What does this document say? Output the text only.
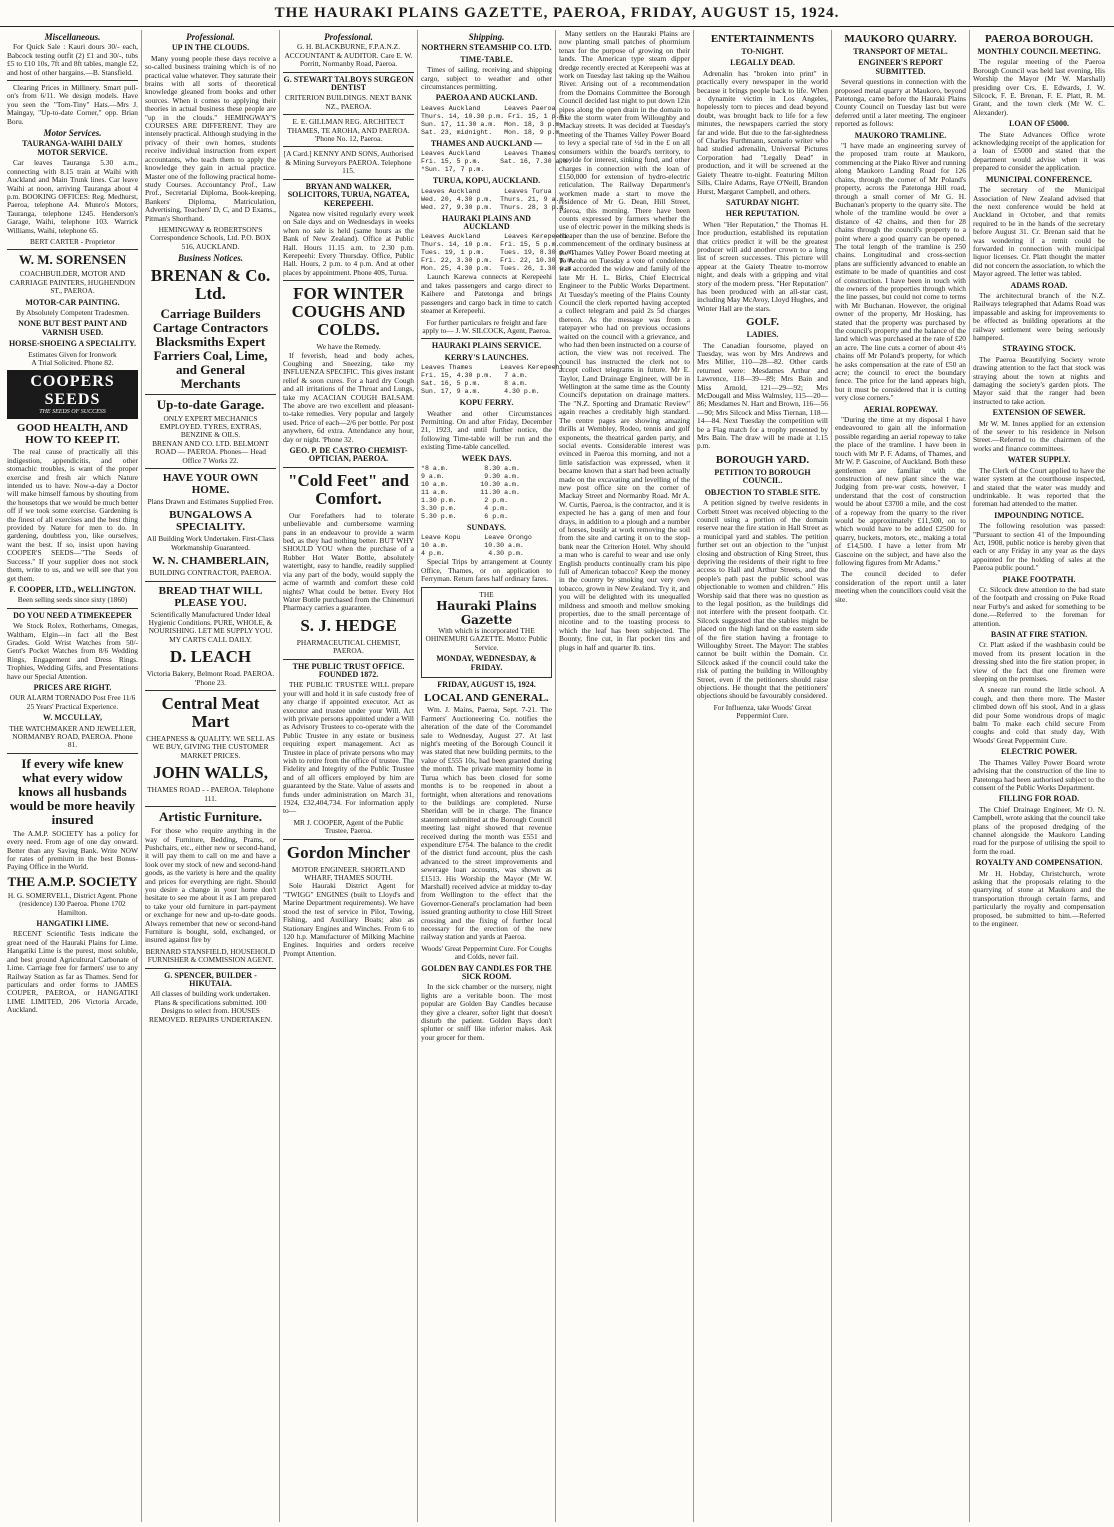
THE HAURAKI PLAINS GAZETTE, PAEROA, FRIDAY, AUGUST 15, 1924.
Miscellaneous.

For Quick Sale : Kauri dours 30/- each, Babcock testing outfit (2) £1 and 30/-, tubs £5 to £10 10s, 7ft and 8ft tables, mangle £2, and host of other bargains.—B. Stansfield.

Clearing Prices in Millinery. Smart pull-on's from 6/11. We design models. Have you seen the "Tom-Tiny" Hats.—Mrs J. Maingay, "Up-to-date Corner," opp. Brian Boru.

Motor Services.
TAURANGA-WAIHI DAILY MOTOR SERVICE.

Car leaves Tauranga 5.30 a.m., connecting with 8.15 train at Waihi with Auckland and Main Trunk lines. Car leave Waihi at noon, arriving Tauranga about 4 p.m. BOOKING OFFICES: Reg. Medhurst, Paeroa, telephone A4. Munro's Motors, Tauranga, telephone 1245. Henderson's Garage, Waihi, telephone 103. Warrick Williams, Waihi, telephone 65.

BERT CARTER - Proprietor
W. M. SORENSEN
COACHBUILDER, MOTOR AND CARRIAGE PAINTERS, HUGHENDON ST., PAEROA.
MOTOR-CAR PAINTING.
By Absolutely Competent Tradesmen.
NONE BUT BEST PAINT AND VARNISH USED.
HORSE-SHOEING A SPECIALITY.
Estimates Given for Ironwork
A Trial Solicited. Phone 82.
COOPERS SEEDS
THE SEEDS OF SUCCESS
GOOD HEALTH, AND HOW TO KEEP IT.

The real cause of practically all this indigestion, appendicitis, and other stomachic troubles, is want of the proper exercise and fresh air which Nature intended us to have. Now-a-day a Doctor will make himself famous by shouting from the housetops that we would be much better off if we took some exercise. Gardening is the finest of all exercises and the best thing provided by Nature for men to do. In gardening, doubtless you, like ourselves, want the best. If so, insist upon having COOPER'S SEEDS—"The Seeds of Success." If your supplier does not stock them, write to us, and we will see that you get them.

F. COOPER, LTD., WELLINGTON.
Been selling seeds since sixty (1860)
DO YOU NEED A TIMEKEEPER

We Stock Rolex, Rotherhams, Omegas, Waltham, Elgin—in fact all the Best Grades. Gold Wrist Watches from 50/- Gent's Pocket Watches from 8/6 Wedding Rings, Engagement and Dress Rings. Trophies, Wedding Gifts, and Presentations have our Special Attention.

PRICES ARE RIGHT.
OUR ALARM TORNADO Post Free 11/6
25 Years' Practical Experience.
W. MCCULLAY,
THE WATCHMAKER AND JEWELLER, NORMANBY ROAD, PAEROA. Phone 81.
If every wife knew what every widow knows all husbands would be more heavily insured

The A.M.P. SOCIETY has a policy for every need. From age of one day onward. Better than any Saving Bank. Write NOW for rates of premium in the best Bonus-Paying Office in the World.

THE A.M.P. SOCIETY
H. G. SOMERVELL, District Agent. Phone (residence) 130 Paeroa. Phone 1702 Hamilton.
HANGATIKI LIME.

RECENT Scientific Tests indicate the great need of the Hauraki Plains for Lime. Hangatiki Lime is the purest, most soluble, and best ground Agricultural Carbonate of Lime. Carriage free for farmers' use to any Railway Station as far as Thames. Send for particulars and order forms to JAMES COUPER, PAEROA, or HANGATIKI LIME LIMITED, 206 Victoria Arcade, Auckland.

Professional.
UP IN THE CLOUDS.

Many young people these days receive a so-called business training which is of no practical value whatever. They saturate their brains with all sorts of theoretical knowledge gleaned from books and other sources. When it comes to applying their theories in actual business these people are "up in the clouds." HEMINGWAY'S COURSES ARE DIFFERENT. They are intensely practical. Although studying in the privacy of their own homes, students receive individual instruction from expert accountants, who teach them to apply the knowledge they gain in actual practice. Master one of the following practical home-study Courses. Accountancy Prof., Law Prof., Secretarial Diploma, Book-keeping, Bankers' Diploma, Matriculation, Advertising, Teachers' D, C, and D Exams., Pitman's Shorthand.

HEMINGWAY & ROBERTSON'S Correspondence Schools, Ltd. P.O. BOX 516, AUCKLAND.
Business Notices.
BRENAN & Co. Ltd.
Carriage Builders Cartage Contractors Blacksmiths Expert Farriers Coal, Lime, and General Merchants
Up-to-date Garage.
ONLY EXPERT MECHANICS EMPLOYED. TYRES, EXTRAS, BENZINE & OILS.
BRENAN AND CO. LTD. BELMONT ROAD — PAEROA. Phones— Head Office 7 Works 22.
HAVE YOUR OWN HOME.
Plans Drawn and Estimates Supplied Free.
BUNGALOWS A SPECIALITY.
All Building Work Undertaken. First-Class Workmanship Guaranteed.
W. N. CHAMBERLAIN,
BUILDING CONTRACTOR, PAEROA.
BREAD THAT WILL PLEASE YOU.
Scientifically Manufactured Under Ideal Hygienic Conditions. PURE, WHOLE, & NOURISHING. LET ME SUPPLY YOU. MY CARTS CALL DAILY.
D. LEACH
Victoria Bakery, Belmont Road. PAEROA. 'Phone 23.
Central Meat Mart
CHEAPNESS & QUALITY. WE SELL AS WE BUY, GIVING THE CUSTOMER MARKET PRICES.
JOHN WALLS,
THAMES ROAD - - PAEROA. Telephone 111.
Artistic Furniture.

For those who require anything in the way of Furniture, Bedding, Prams, or Pushchairs, etc., either new or second-hand, it will pay them to call on me and have a look over my stock of new and second-hand goods, as the variety is here and the quality and prices for everything are right. Should you desire a change in your home don't hesitate to see me about it as I am prepared to take your old furniture in part-payment or exchange for new and up-to-date goods. Always remember that new or second-hand Furniture is bought, sold, exchanged, or insured against fire by

BERNARD STANSFIELD, HOUSEHOLD FURNISHER & COMMISSION AGENT.
G. SPENCER, BUILDER - HIKUTAIA.
All classes of building work undertaken. Plans & specifications submitted. 100 Designs to select from. HOUSES REMOVED. REPAIRS UNDERTAKEN.
Professional.
G. H. BLACKBURNE, F.P.A.N.Z. ACCOUNTANT & AUDITOR. Care E. W. Porritt, Normanby Road, Paeroa.
G. STEWART TALBOYS SURGEON DENTIST
CRITERION BUILDINGS. NEXT BANK NZ., PAEROA.
E. E. GILLMAN REG. ARCHITECT THAMES, TE AROHA, AND PAEROA. 'Phone No. 12, Paeroa.
[A Card.] KENNY AND SONS, Authorised & Mining Surveyors PAEROA. Telephone 115.
BRYAN AND WALKER, SOLICITORS, TURUA, NGATEA, KEREPEEHI.

Ngatea now visited regularly every week on Sale days and on Wednesdays in weeks when no sale is held (same hours as the Bank of New Zealand). Office at Public Hall. Hours 11.15 a.m. to 2.30 p.m. Kerepeehi: Every Thursday. Office, Public Hall. Hours, 2 p.m. to 4 p.m. And at other places by appointment. Phone 40S, Turua.

FOR WINTER COUGHS AND COLDS.
We have the Remedy.

If feverish, head and body aches, Coughing and Sneezing, take my INFLUENZA SPECIFIC. This gives instant relief & soon cures. For a hard dry Cough and all irritations of the Throat and Lungs, take my ACACIAN COUGH BALSAM. The above are two excellent and pleasant-to-take remedies. Very popular and largely used. Price of each—2/6 per bottle. Per post anywhere, 6d extra. Attendance any hour, day or night. 'Phone 32.

GEO. P. DE CASTRO CHEMIST-OPTICIAN, PAEROA.
"Cold Feet" and Comfort.

Our Forefathers had to tolerate unbelievable and cumbersome warming pans in an endeavour to provide a warm bed, as they had nothing better. BUT WHY SHOULD YOU when the purchase of a Rubber Hot Water Bottle, absolutely watertight, easy to handle, readily supplied via any part of the body, would supply the acme of warmth and comfort these cold nights? What could be better. Every Hot Water Bottle purchased from the Chinemuri Pharmacy carries a guarantee.

S. J. HEDGE
PHARMACEUTICAL CHEMIST, PAEROA.
THE PUBLIC TRUST OFFICE. FOUNDED 1872.

THE PUBLIC TRUSTEE WILL prepare your will and hold it in safe custody free of any charge if appointed executor. Act as executor and trustee under your Will. Act with private persons appointed under a Will as Advisory Trustees to co-operate with the Public Trustee in any estate or business requiring expert management. Act as Trustee in place of private persons who may wish to retire from the office of trustee. The Fidelity and Integrity of the Public Trustee and of all officers employed by him are guaranteed by the State. Value of assets and funds under administration on March 31, 1924, £32,404,734. For information apply to—

MR J. COOPER, Agent of the Public Trustee, Paeroa.
Gordon Mincher
MOTOR ENGINEER. SHORTLAND WHARF, THAMES SOUTH.

Sole Hauraki District Agent for "TWIGG" ENGINES (built to Lloyd's and Marine Department requirements). We have stood the test of service in Pilot, Towing, Fishing, and Auxiliary Boats; also as Stationary Engines and Winches. From 6 to 120 h.p. Manufacturer of Milking Machine Engines. Inquiries and orders receive Prompt Attention.

Shipping.
NORTHERN STEAMSHIP CO. LTD.
TIME-TABLE.

Times of sailing, receiving and shipping cargo, subject to weather and other circumstances permitting.

PAEROA AND AUCKLAND.
Leaves Auckland      Leaves Paeroa
Thurs. 14, 10.30 p.m. Fri. 15, 1 p.m.
Sun. 17, 11.30 a.m.  Mon. 18, 3 p.m.
Sat. 23, midnight.   Mon. 18, 9 p.m.
THAMES AND AUCKLAND —
Leaves Auckland      Leaves Thames
Fri. 15, 5 p.m.     Sat. 16, 7.30 a.m.
*Sun. 17, 7 p.m.
TURUA, KOPU, AUCKLAND.
Leaves Auckland      Leaves Turua
Wed. 20, 4.30 p.m.  Thurs. 21, 9 a.m.
Wed. 27, 9.30 p.m.  Thurs. 28, 3 p.m.
HAURAKI PLAINS AND AUCKLAND
Leaves Auckland      Leaves Kerepeehi
Thurs. 14, 10 p.m.  Fri. 15, 5 p.m.
Tues. 19, 1 p.m.    Tues. 19, 8.30 p.m.
Fri. 22, 3.30 p.m.  Fri. 22, 10.30 p.m.
Mon. 25, 4.30 p.m.  Tues. 26, 1.30 p.m.

Launch Karewa connects at Kerepeehi and takes passengers and cargo direct to Kaihere and Patetonga and brings passengers and cargo back in time to catch steamer at Kerepeehi.

For further particulars re freight and fare apply to— J. W. SILCOCK, Agent, Paeroa.
HAURAKI PLAINS SERVICE.
KERRY'S LAUNCHES.
Leaves Thames       Leaves Kerepeehi
Fri. 15, 4.30 p.m.   7 a.m.
Sat. 16, 5 p.m.      8 a.m.
Sun. 17, 9 a.m.      4.30 p.m.
KOPU FERRY.

Weather and other Circumstances Permitting. On and after Friday, December 21, 1923, and until further notice, the following Time-table will be run and the existing Time-table cancelled.

WEEK DAYS.
*8 a.m.         8.30 a.m.
9 a.m.          9.30 a.m.
10 a.m.        10.30 a.m.
11 a.m.        11.30 a.m.
1.30 p.m.       2 p.m.
3.30 p.m.       4 p.m.
5.30 p.m.       6 p.m.
SUNDAYS.
Leave Kopu      Leave Orongo
10 a.m.         10.30 a.m.
4 p.m.           4.30 p.m.

Special Trips by arrangement at County Office, Thames, or on application to Ferryman. Return fares half ordinary fares.

THE
Hauraki Plains Gazette
With which is incorporated THE OHINEMURI GAZETTE. Motto: Public Service.
MONDAY, WEDNESDAY, & FRIDAY.
FRIDAY, AUGUST 15, 1924.
LOCAL AND GENERAL.

Wm. J. Mains, Paeroa, Sept. 7-21. The Farmers' Auctioneering Co. notifies the alteration of the date of the Coromandel sale to Wednesday, August 27. At last night's meeting of the Borough Council it was stated that new building permits, to the value of £555 10s, had been granted during the month. The private maternity home in Turua which has been closed for some months is to be reopened in about a fortnight, when alterations and renovations to the buildings are completed. Nurse Sheridan will be in charge. The finance statement submitted at the Borough Council meeting last night showed that revenue received during the month was £551 and expenditure £754. The balance to the credit of the district fund account, plus the cash advanced to the street improvements and sewerage loan accounts, was shown as £1513. His Worship the Mayor (Mr W. Marshall) received advice at midday to-day from Wellington to the effect that the Governor-General's proclamation had been issued granting authority to close Hill Street crossing and the fixing of further local necessary for the erection of the new railway station and yards at Paeroa.

Woods' Great Peppermint Cure. For Coughs and Colds, never fail.
GOLDEN BAY CANDLES FOR THE SICK ROOM.

In the sick chamber or the nursery, night lights are a veritable boon. The most popular are Golden Bay Candles because they give a clearer, softer light that doesn't disturb the patient. Golden Bays don't splutter or sniff like inferior makes. Ask your grocer for them.

Many settlers on the Hauraki Plains are now planting small patches of phormium tenax for the purpose of growing on their lands. The American type steam dipper dredge recently erected at Kerepeehi was at work on Tuesday last taking up the Waihou River. Arising out of a recommendation from the Domains Committee the Borough Council decided last night to put down 12in pipes along the open drain in the domain to take the storm water from Willoughby and Mackay streets. It was decided at Tuesday's meeting of the Thames Valley Power Board to levy a special rate of ½d in the £ on all consumers within the board's territory, to provide for interest, sinking fund, and other charges in connection with the loan of £150,000 for extension of hydro-electric reticulation. The Railway Department's workmen made a start to move the residence of Mr G. Dean, Hill Street, Paeroa, this morning. There have been counts expressed by farmers whether the use of electric power in the milking sheds is cheaper than the use of benzine. Before the commencement of the ordinary business at the Thames Valley Power Board meeting at Te Aroha on Tuesday a vote of condolence was accorded the widow and family of the late Mr H. L. Birks, Chief Electrical Engineer to the Public Works Department. At Tuesday's meeting of the Plains County Council the clerk reported having accepted a collect telegram and paid 2s 5d charges thereon. As the message was from a ratepayer who had on previous occasions waited on the council with a grievance, and who had then been instructed on a course of action, the view was not received. The council has instructed the clerk not to accept collect telegrams in future. Mr E. Taylor, Land Drainage Engineer, will be in Wellington at the same time as the County Council's deputation on drainage matters. The "N.Z. Sporting and Dramatic Review" again reaches a creditably high standard. The centre pages are showing amazing thrills at Wembley, Rodeo, tennis and golf exponents, the theatrical garden party, and social events. Considerable interest was evinced in Paeroa this morning, and not a little satisfaction was expressed, when it became known that a start had been actually made on the excavating and levelling of the new post office site on the corner of Mackay Street and Normanby Road. Mr A. W. Curtis, Paeroa, is the contractor, and it is expected he has a gang of men and four drays, in addition to a plough and a number of horses, busily at work removing the soil from the site and carting it on to the stop-bank near the Criterion Hotel. Why should a man who is careful to wear and use only English products continually cram his pipe full of American tobacco? Keep the money in the country by smoking our very own tobacco, grown in New Zealand. Try it, and you will be delighted with its unequalled mildness and smooth and mellow smoking properties, due to the small percentage of nicotine and to the toasting process to which the leaf has been subjected. The Bounty, fine cut, in flat pocket tins and plugs in half and quarter lb. tins.

ENTERTAINMENTS
TO-NIGHT.
LEGALLY DEAD.

Adrenalin has "broken into print" in practically every newspaper in the world because it brings people back to life. When a dynamite victim in Los Angeles, hopelessly torn to pieces and dead beyond doubt, was brought back to life for a few minutes, the newspapers carried the story far and wide. But due to the far-sightedness of Charles Furthmann, scenario writer who had studied adrenalin, Universal Pictures Corporation had "Legally Dead" in production, and it will be screened at the Gaiety Theatre to-night. Featuring Milton Sills, Claire Adams, Raye O'Neill, Brandon Hurst, Margaret Campbell, and others.

SATURDAY NIGHT.
HER REPUTATION.

When "Her Reputation," the Thomas H. Ince production, established its reputation that critics predict it will be the greatest producer will add another crown to a long list of screen successes. This picture will appear at the Gaiety Theatre to-morrow night, and deals with a gripping and vital story of the modern press. "Her Reputation" has been produced with an all-star cast, including May McAvoy, Lloyd Hughes, and Winter Hall are the stars.

GOLF.
LADIES.

The Canadian foursome, played on Tuesday, was won by Mrs Andrews and Mrs Miller, 110—28—82. Other cards returned were: Mesdames Arthur and Lawrence, 118—39—89; Mrs Bain and Miss Arnold, 121—29—92; Mrs McDougall and Miss Walmsley, 115—20—86; Mesdames N. Hart and Brown, 116—56—90; Mrs Silcock and Miss Tiernan, 118—14—84. Next Tuesday the competition will be a Flag match for a trophy presented by Mrs Bain. The draw will be made at 1.15 p.m.

BOROUGH YARD.
PETITION TO BOROUGH COUNCIL.
OBJECTION TO STABLE SITE.

A petition signed by twelve residents in Corbett Street was received objecting to the council using a portion of the domain reserve near the fire station in Hall Street as a municipal yard and stables. The petition further set out an objection to the "unjust closing and obstruction of King Street, thus depriving the residents of their right to free access to Hall and Arthur Streets, and the people's path past the public school was objectionable to women and children." His Worship said that there was no question as to the legal position, as the buildings did not interfere with the present footpath. Cr. Silcock suggested that the stables might be placed on the high land on the eastern side of the fire station having a frontage to Willoughby Street. The Mayor: The stables cannot be built within the Domain. Cr. Silcock asked if the council could take the risk of putting the building in Willoughby Street, even if the petitioners should raise objections. He thought that the petitioners' objections should be favourably considered.

For Influenza, take Woods' Great Peppermint Cure.
MAUKORO QUARRY.
TRANSPORT OF METAL.
ENGINEER'S REPORT SUBMITTED.

Several questions in connection with the proposed metal quarry at Maukoro, beyond Patetonga, came before the Hauraki Plains County Council on Tuesday last but were deferred until a later meeting. The engineer reported as follows:

MAUKORO TRAMLINE.

"I have made an engineering survey of the proposed tram route at Maukoro, commencing at the Piako River and running along Maukoro Landing Road for 126 chains, through the corner of Mr Poland's property, across the Patetonga Hill road, through a small corner of Mr G. H. Buchanan's property to the quarry site. The whole of the tramline would be over a distance of 42 chains, and then for 28 chains through the council's property to a point where a good quarry can be opened. The total length of the tramline is 250 chains. Longitudinal and cross-section plans are sufficiently advanced to enable an estimate to be made of quantities and cost of construction. I have been in touch with the owners of the properties through which the line passes, but could not come to terms with Mr Buchanan. However, the original owner of the property, Mr Hosking, has stated that the property was purchased by the council's property and the balance of the land which was purchased at the rate of £20 an acre. The line cuts a corner of about 4½ chains off Mr Poland's property, for which he asks compensation at the rate of £50 an acre; the council to erect the boundary fence. The price for the land appears high, but it must be considered that it is cutting very close corners."

AERIAL ROPEWAY.

"During the time at my disposal I have endeavoured to gain all the information possible regarding an aerial ropeway to take the place of the tramline. I have been in touch with Mr P. F. Adams, of Thames, and Mr W. P. Gascoine, of Auckland. Both these gentlemen are familiar with the construction of new plant since the war. Judging from pre-war costs, however, I understand that the cost of construction would be about £3700 a mile, and the cost of a ropeway from the quarry to the river would be approximately £11,500, on to which would have to be added £2500 for quarry, buckets, motors, etc., making a total of £14,500. I have a letter from Mr Gascoine on the subject, and have also the following figures from Mr Adams."

The council decided to defer consideration of the report until a later meeting when the councillors could visit the site.

PAEROA BOROUGH.
MONTHLY COUNCIL MEETING.

The regular meeting of the Paeroa Borough Council was held last evening, His Worship the Mayor (Mr W. Marshall) presiding over Crs. E. Edwards, J. W. Silcock, F. E. Brenan, F. E. Platt, R. M. Grant, and the town clerk (Mr W. C. Alexander).

LOAN OF £5000.

The State Advances Office wrote acknowledging receipt of the application for a loan of £5000 and stated that the department would advise when it was prepared to consider the application.

MUNICIPAL CONFERENCE.

The secretary of the Municipal Association of New Zealand advised that the next conference would be held at Auckland in October, and that remits required to be in the hands of the secretary before August 31. Cr. Brenan said that he was wondering if a remit could be forwarded in connection with municipal liquor licenses. Cr. Platt thought the matter did not concern the association, to which the Mayor agreed. The letter was tabled.

ADAMS ROAD.

The architectural branch of the N.Z. Railways telegraphed that Adams Road was impassable and asking for improvements to be effected as building operations at the railway settlement were being seriously hampered.

STRAYING STOCK.

The Paeroa Beautifying Society wrote drawing attention to the fact that stock was straying about the town at nights and damaging the society's garden plots. The Mayor said that the ranger had been instructed to take action.

EXTENSION OF SEWER.

Mr W. M. Innes applied for an extension of the sewer to his residence in Nelson Street.—Referred to the chairmen of the works and finance committees.

WATER SUPPLY.

The Clerk of the Court applied to have the water system at the courthouse inspected, and stated that the water was muddy and undrinkable. It was reported that the foreman had attended to the matter.

IMPOUNDING NOTICE.

The following resolution was passed: "Pursuant to section 41 of the Impounding Act, 1908, public notice is hereby given that each or any Friday in any year as the days appointed for the holding of sales at the Paeroa public pound."

PIAKE FOOTPATH.

Cr. Silcock drew attention to the bad state of the footpath and crossing on Puke Road near Furby's and asked for something to be done.—Referred to the foreman for attention.

BASIN AT FIRE STATION.

Cr. Platt asked if the washbasin could be moved from its present location in the dressing shed into the fire station proper, in view of the fact that one firemen were sleeping on the premises.

A sneeze ran round the little school. A cough, and then there more. The Master climbed down off his stool, And in a glass did pour Some wondrous drops of magic balm To make each child secure From coughs and cold that study day, With Woods' Great Peppermint Cure.

ELECTRIC POWER.

The Thames Valley Power Board wrote advising that the construction of the line to Patetonga had been authorised subject to the consent of the Public Works Department.

FILLING FOR ROAD.

The Chief Drainage Engineer, Mr O. N. Campbell, wrote asking that the council take plans of the proposed dredging of the channel alongside the Maukoro Landing road for the purpose of utilising the spoil to form the road.

ROYALTY AND COMPENSATION.

Mr H. Hobday, Christchurch, wrote asking that the proposals relating to the quarrying of stone at Maukoro and the transportation through certain farms, and particularly the royalty and compensation proposed, be submitted to him.—Referred to the engineer.
